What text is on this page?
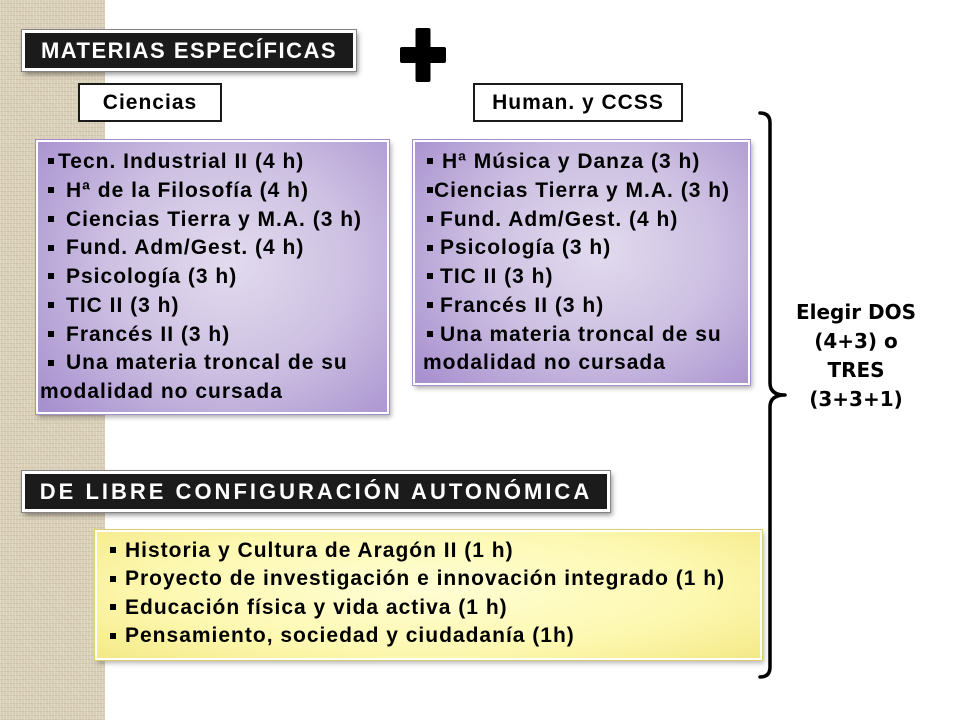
MATERIAS ESPECÍFICAS
Ciencias	Human. y CCSS
Tecn. Industrial II (4 h)
Hª de la Filosofía (4 h)
Ciencias Tierra y M.A. (3 h)
Fund. Adm/Gest. (4 h)
Psicología (3 h)
TIC II (3 h)
Francés II (3 h)
Una materia troncal de su modalidad no cursada
Hª Música y Danza (3 h)
Ciencias Tierra y M.A. (3 h)
Fund. Adm/Gest. (4 h)
Psicología (3 h)
TIC II (3 h)
Francés II (3 h)
Una materia troncal de su modalidad no cursada
Elegir DOS
(4+3) o
TRES
(3+3+1)
DE LIBRE CONFIGURACIÓN AUTONÓMICA
Historia y Cultura de Aragón II (1 h)
Proyecto de investigación e innovación integrado (1 h)
Educación física y vida activa (1 h)
Pensamiento, sociedad y ciudadanía (1h)
